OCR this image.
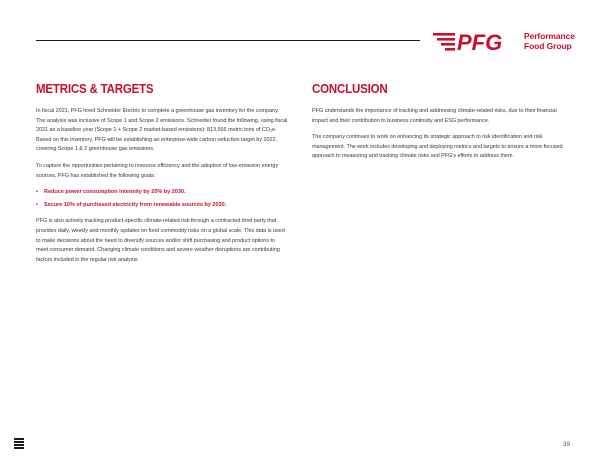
PFG	Performance
Food Group
METRICS & TARGETS

In fiscal 2021, PFG hired Schneider Electric to complete a greenhouse gas inventory for the company. The analysis was inclusive of Scope 1 and Scope 2 emissions. Schneider found the following, using fiscal 2021 as a baseline year (Scope 1 + Scope 2 market-based emissions): 813,566 metric tons of CO₂e. Based on this inventory, PFG will be establishing an enterprise-wide carbon reduction target by 2022, covering Scope 1 & 2 greenhouse gas emissions.

To capture the opportunities pertaining to resource efficiency and the adoption of low-emission energy sources, PFG has established the following goals:

• Reduce power consumption intensity by 20% by 2030.
• Secure 10% of purchased electricity from renewable sources by 2030.

PFG is also actively tracking product-specific climate-related risk through a contracted third party that provides daily, weekly and monthly updates on food commodity risks on a global scale. This data is used to make decisions about the need to diversify sources and/or shift purchasing and product options to meet consumer demand. Changing climate conditions and severe weather disruptions are contributing factors included in the regular risk analysis.

CONCLUSION

PFG understands the importance of tracking and addressing climate-related risks, due to their financial impact and their contribution to business continuity and ESG performance.

The company continues to work on enhancing its strategic approach to risk identification and risk management. The work includes developing and deploying metrics and targets to ensure a more focused approach to measuring and tracking climate risks and PFG's efforts to address them.

39
